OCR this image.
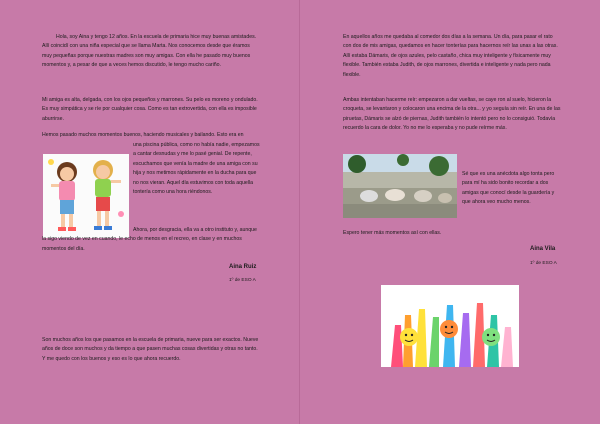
Hola, soy Aina y tengo 12 años. En la escuela de primaria hice muy buenas amistades. Allí coincidí con una niña especial que se llama Marta. Nos conocemos desde que éramos muy pequeñas porque nuestras madres son muy amigas. Con ella he pasado muy buenos momentos y, a pesar de que a veces hemos discutido, le tengo mucho cariño.

Mi amiga es alta, delgada, con los ojos pequeños y marrones. Su pelo es moreno y ondulado. Es muy simpática y se ríe por cualquier cosa. Como es tan extrovertida, con ella es imposible aburrirse.

Hemos pasado muchos momentos buenos, haciendo musicales y bailando. Esto era en

una piscina pública, como no había nadie, empezamos a cantar desnudas y me lo pasé genial. De repente, escuchamos que venía la madre de una amiga con su hija y nos metimos rápidamente en la ducha para que no nos vieran. Aquel día estuvimos con toda aquella tontería como una hora riéndonos.

Ahora, por desgracia, ella va a otro instituto y, aunque la sigo viendo de vez en cuando, le echo de menos en el recreo, en clase y en muchos momentos del día.

Aina Ruiz
1º de ESO A

Son muchos años los que pasamos en la escuela de primaria, nueve para ser exactos. Nueve años de doce son muchos y da tiempo a que pasen muchas cosas divertidas y otras no tanto. Y me quedo con los buenos y eso es lo que ahora recuerdo.

En aquellos años me quedaba al comedor dos días a la semana. Un día, para pasar el rato con dos de mis amigas, quedamos en hacer tonterías para hacernos reír las unas a las otras. Allí estaba Dámaris, de ojos azules, pelo castaño, chica muy inteligente y físicamente muy flexible. También estaba Judith, de ojos marrones, divertida e inteligente y nada pero nada flexible.

Ambas intentaban hacerme reír: empezaron a dar vueltas, se caye ron al suelo, hicieron la croqueta, se levantaron y colocaron una encima de la otra... y yo seguía sin reír. En una de las piruetas, Dámaris se alzó de piernas, Judith también lo intentó pero no lo consiguió. Todavía recuerdo la cara de dolor. Yo no me lo esperaba y no pude reírme más.

Sé que es una anécdota algo tonta pero para mí ha sido bonito recordar a dos amigas que conocí desde la guardería y que ahora veo mucho menos.

Espero tener más momentos así con ellas.

Aina Vila
1º de ESO A
